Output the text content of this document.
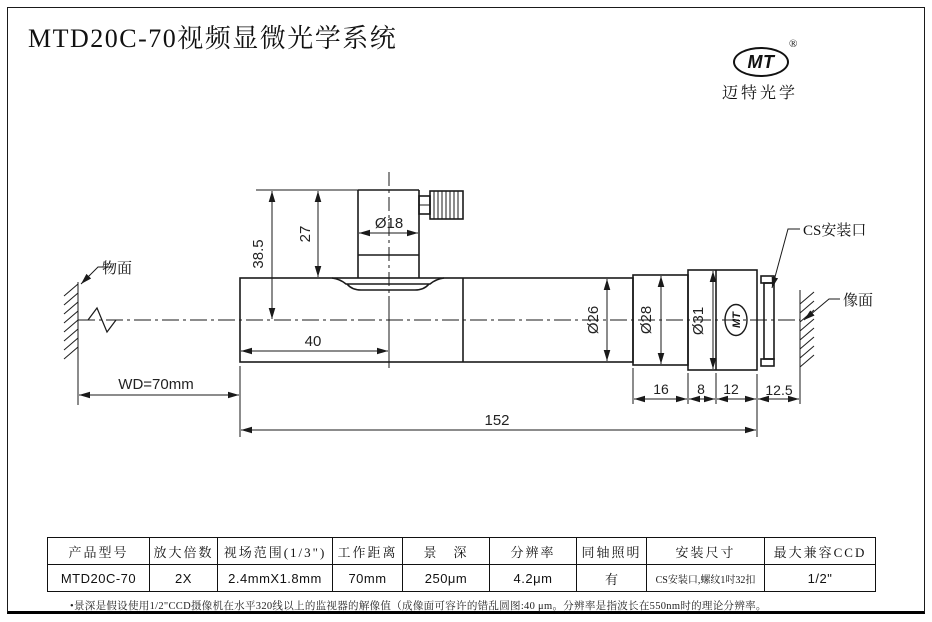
MTD20C-70视频显微光学系统
MT
®
迈特光学
物面
像面
CS安装口
WD=70mm
Ø18
38.5
27
40
152
Ø26 Ø28 Ø31
16 8 12 12.5
MT
产品型号	放大倍数	视场范围(1/3")	工作距离	景　深	分辨率	同轴照明	安装尺寸	最大兼容CCD
MTD20C-70	2X	2.4mmX1.8mm	70mm	250μm	4.2μm	有	CS安装口,螺纹1吋32扣	1/2"
•景深是假设使用1/2"CCD摄像机在水平320线以上的监视器的解像值（成像面可容许的错乱圆图:40 μm。分辨率是指波长在550nm时的理论分辨率。
